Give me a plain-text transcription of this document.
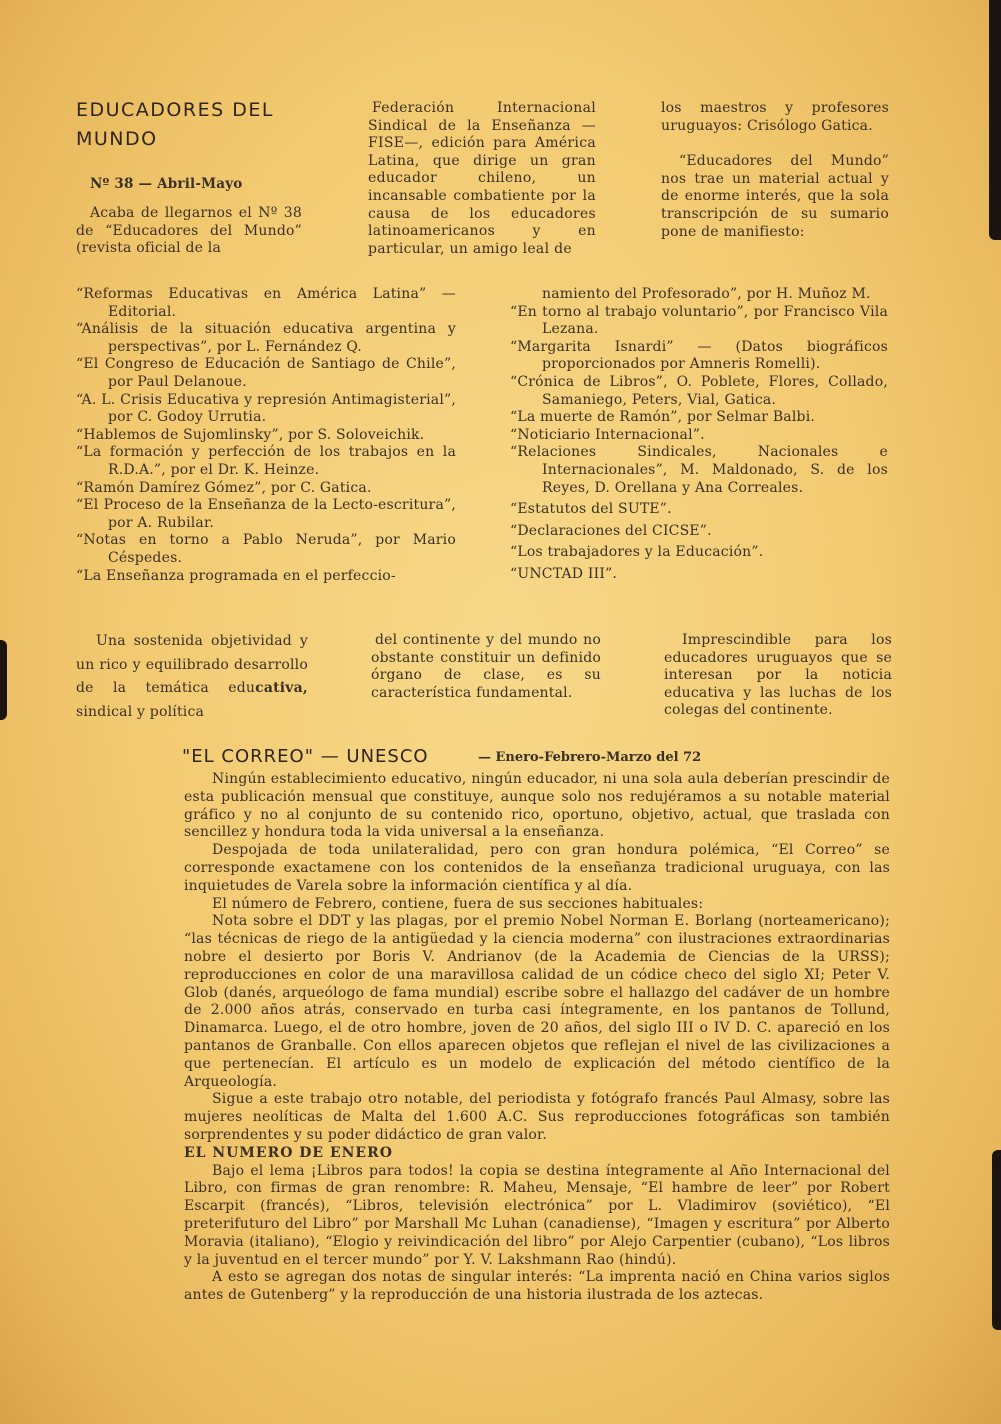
EDUCADORES DEL MUNDO
Nº 38 — Abril-Mayo
Acaba de llegarnos el Nº 38 de “Educadores del Mundo” (revista oficial de la
Federación Internacional Sindical de la Enseñanza —FISE—, edición para América Latina, que dirige un gran educador chileno, un incansable combatiente por la causa de los educadores latinoamericanos y en particular, un amigo leal de

los maestros y profesores uruguayos: Crisólogo Gatica.

“Educadores del Mundo” nos trae un material actual y de enorme interés, que la sola transcripción de su sumario pone de manifiesto:

“Reformas Educativas en América Latina” — Editorial.

“Análisis de la situación educativa argentina y perspectivas”, por L. Fernández Q.

“El Congreso de Educación de Santiago de Chile”, por Paul Delanoue.

“A. L. Crisis Educativa y represión Antimagisterial”, por C. Godoy Urrutia.

“Hablemos de Sujomlinsky”, por S. Soloveichik.

“La formación y perfección de los trabajos en la R.D.A.”, por el Dr. K. Heinze.

“Ramón Damírez Gómez”, por C. Gatica.

“El Proceso de la Enseñanza de la Lecto-escritura”, por A. Rubilar.

“Notas en torno a Pablo Neruda”, por Mario Céspedes.

“La Enseñanza programada en el perfeccio-

namiento del Profesorado”, por H. Muñoz M.

“En torno al trabajo voluntario”, por Francisco Vila Lezana.

“Margarita Isnardi” — (Datos biográficos proporcionados por Amneris Romelli).

“Crónica de Libros”, O. Poblete, Flores, Collado, Samaniego, Peters, Vial, Gatica.

“La muerte de Ramón”, por Selmar Balbi.

“Noticiario Internacional”.

“Relaciones Sindicales, Nacionales e Internacionales”, M. Maldonado, S. de los Reyes, D. Orellana y Ana Correales.

“Estatutos del SUTE”.

“Declaraciones del CICSE”.

“Los trabajadores y la Educación”.

“UNCTAD III”.

Una sostenida objetividad y un rico y equilibrado desarrollo de la temática educativa, sindical y política
del continente y del mundo no obstante constituir un definido órgano de clase, es su característica fundamental.
Imprescindible para los educadores uruguayos que se interesan por la noticia educativa y las luchas de los colegas del continente.
"EL CORREO" — UNESCO	— Enero-Febrero-Marzo del 72

Ningún establecimiento educativo, ningún educador, ni una sola aula deberían prescindir de esta publicación mensual que constituye, aunque solo nos redujéramos a su notable material gráfico y no al conjunto de su contenido rico, oportuno, objetivo, actual, que traslada con sencillez y hondura toda la vida universal a la enseñanza.

Despojada de toda unilateralidad, pero con gran hondura polémica, “El Correo” se corresponde exactamene con los contenidos de la enseñanza tradicional uruguaya, con las inquietudes de Varela sobre la información científica y al día.

El número de Febrero, contiene, fuera de sus secciones habituales:

Nota sobre el DDT y las plagas, por el premio Nobel Norman E. Borlang (norteamericano); “las técnicas de riego de la antigüedad y la ciencia moderna” con ilustraciones extraordinarias nobre el desierto por Boris V. Andrianov (de la Academia de Ciencias de la URSS); reproducciones en color de una maravillosa calidad de un códice checo del siglo XI; Peter V. Glob (danés, arqueólogo de fama mundial) escribe sobre el hallazgo del cadáver de un hombre de 2.000 años atrás, conservado en turba casi íntegramente, en los pantanos de Tollund, Dinamarca. Luego, el de otro hombre, joven de 20 años, del siglo III o IV D. C. apareció en los pantanos de Granballe. Con ellos aparecen objetos que reflejan el nivel de las civilizaciones a que pertenecían. El artículo es un modelo de explicación del método científico de la Arqueología.

Sigue a este trabajo otro notable, del periodista y fotógrafo francés Paul Almasy, sobre las mujeres neolíticas de Malta del 1.600 A.C. Sus reproducciones fotográficas son también sorprendentes y su poder didáctico de gran valor.

EL NUMERO DE ENERO

Bajo el lema ¡Libros para todos! la copia se destina íntegramente al Año Internacional del Libro, con firmas de gran renombre: R. Maheu, Mensaje, “El hambre de leer” por Robert Escarpit (francés), “Libros, televisión electrónica” por L. Vladimirov (soviético), “El preterifuturo del Libro” por Marshall Mc Luhan (canadiense), “Imagen y escritura” por Alberto Moravia (italiano), “Elogio y reivindicación del libro” por Alejo Carpentier (cubano), “Los libros y la juventud en el tercer mundo” por Y. V. Lakshmann Rao (hindú).

A esto se agregan dos notas de singular interés: “La imprenta nació en China varios siglos antes de Gutenberg” y la reproducción de una historia ilustrada de los aztecas.
